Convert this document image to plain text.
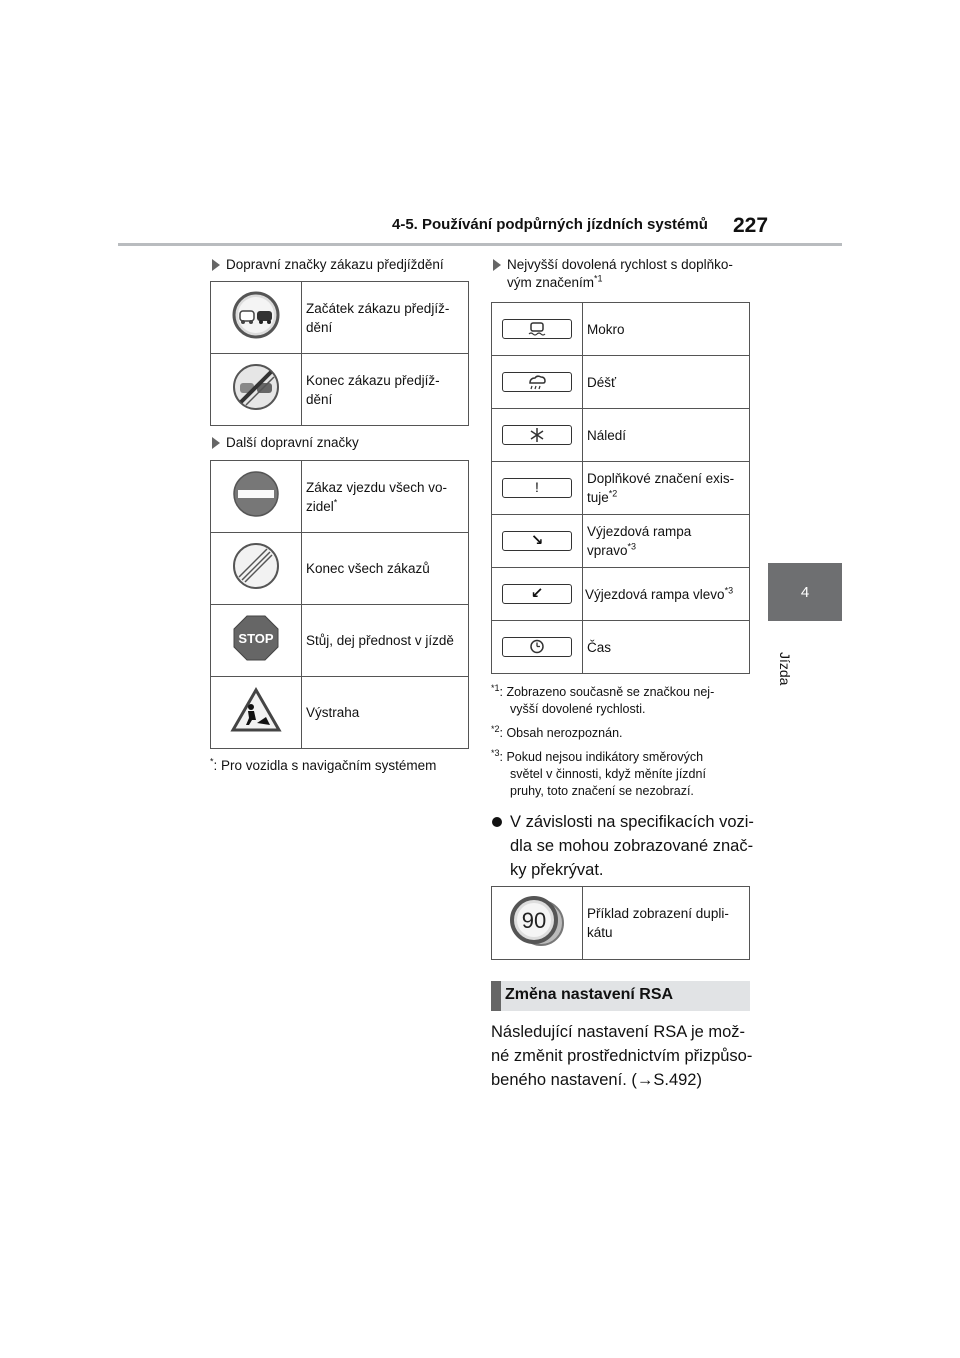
4-5. Používání podpůrných jízdních systémů 227
4
Jízda
Dopravní značky zákazu předjíždění

Začátek zákazu předjíž-
dění

Konec zákazu předjíž-
dění
Další dopravní značky

Zákaz vjezdu všech vo-
zidel*

	Konec všech zákazů

STOP	Stůj, dej přednost v jízdě
	Výstraha
*: Pro vozidla s navigačním systémem
Nejvyšší dovolená rychlost s doplňko-
vým značením$^{*1}$
	Mokro

	Déšť

	Náledí
!	Doplňkové značení exis-
tuje$^{*2}$

↘	Výjezdová rampa
vpravo$^{*3}$

↙	Výjezdová rampa vlevo$^{*3}$

	Čas
$^{*1}$: Zobrazeno současně se značkou nej-
vyšší dovolené rychlosti.
$^{*2}$: Obsah nerozpoznán.
$^{*3}$: Pokud nejsou indikátory směrových
světel v činnosti, když měníte jízdní
pruhy, toto značení se nezobrazí.
V závislosti na specifikacích vozi-
dla se mohou zobrazované znač-
ky překrývat.
90	Příklad zobrazení dupli-
kátu
Změna nastavení RSA
Následující nastavení RSA je mož-
né změnit prostřednictvím přizpůso-
beného nastavení. (→S.492)
